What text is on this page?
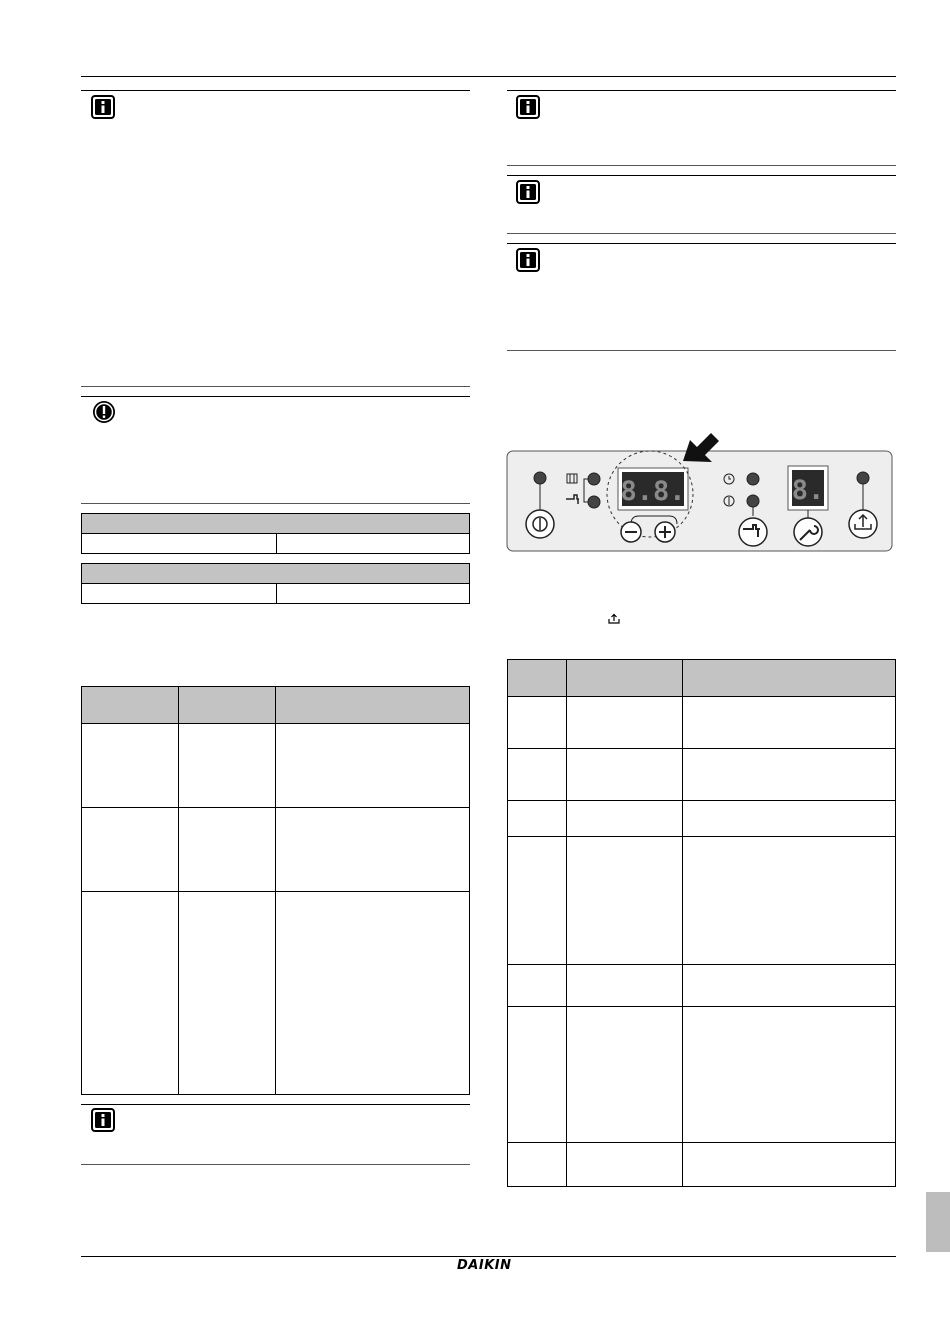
8.8.	8.

DAIKIN
